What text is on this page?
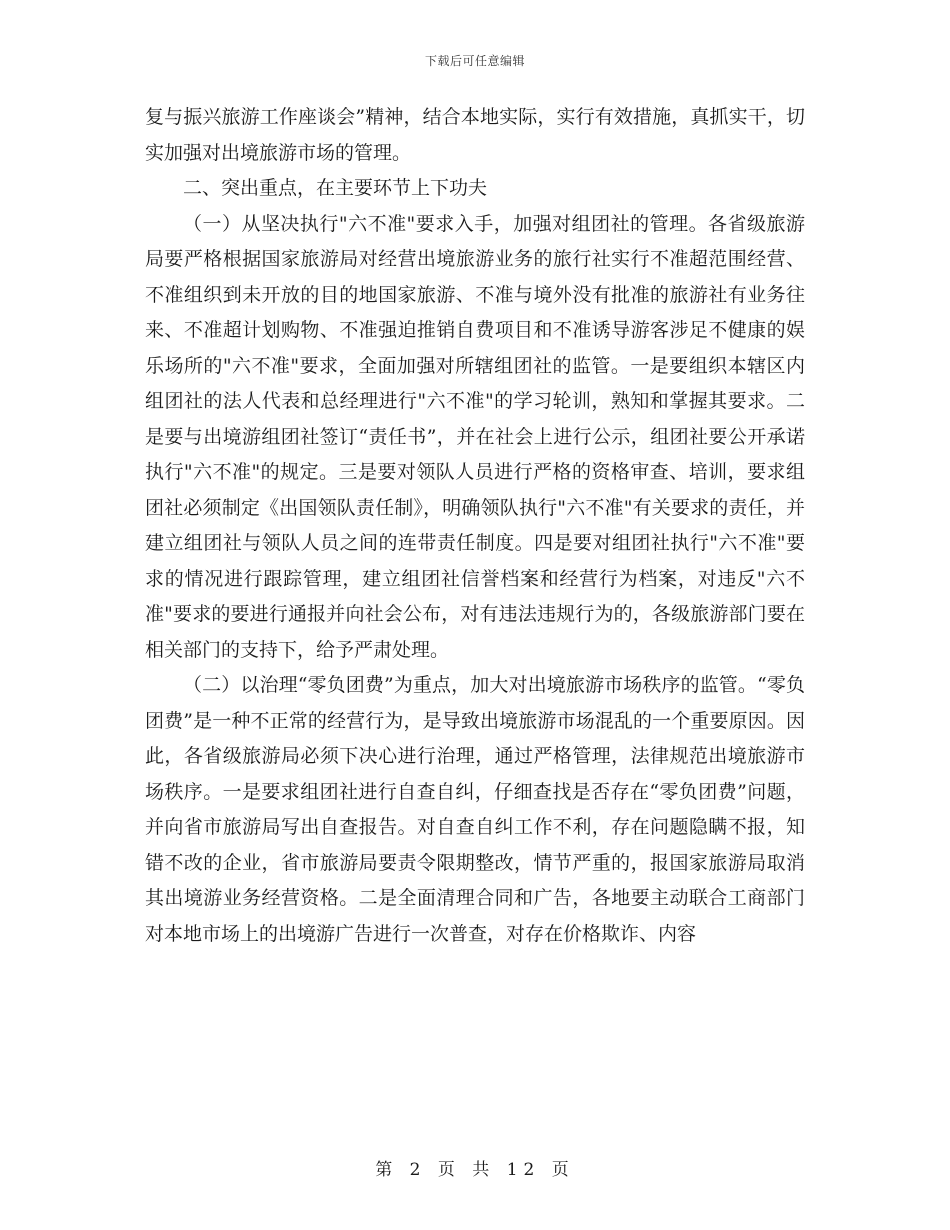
下载后可任意编辑

复与振兴旅游工作座谈会”精神，结合本地实际，实行有效措施，真抓实干，切实加强对出境旅游市场的管理。

二、突出重点，在主要环节上下功夫

（一）从坚决执行"六不准"要求入手，加强对组团社的管理。各省级旅游局要严格根据国家旅游局对经营出境旅游业务的旅行社实行不准超范围经营、不准组织到未开放的目的地国家旅游、不准与境外没有批准的旅游社有业务往来、不准超计划购物、不准强迫推销自费项目和不准诱导游客涉足不健康的娱乐场所的"六不准"要求，全面加强对所辖组团社的监管。一是要组织本辖区内组团社的法人代表和总经理进行"六不准"的学习轮训，熟知和掌握其要求。二是要与出境游组团社签订“责任书”，并在社会上进行公示，组团社要公开承诺执行"六不准"的规定。三是要对领队人员进行严格的资格审查、培训，要求组团社必须制定《出国领队责任制》，明确领队执行"六不准"有关要求的责任，并建立组团社与领队人员之间的连带责任制度。四是要对组团社执行"六不准"要求的情况进行跟踪管理，建立组团社信誉档案和经营行为档案，对违反"六不准"要求的要进行通报并向社会公布，对有违法违规行为的，各级旅游部门要在相关部门的支持下，给予严肃处理。

（二）以治理“零负团费”为重点，加大对出境旅游市场秩序的监管。“零负团费”是一种不正常的经营行为，是导致出境旅游市场混乱的一个重要原因。因此，各省级旅游局必须下决心进行治理，通过严格管理，法律规范出境旅游市场秩序。一是要求组团社进行自查自纠，仔细查找是否存在“零负团费”问题，并向省市旅游局写出自查报告。对自查自纠工作不利，存在问题隐瞒不报，知错不改的企业，省市旅游局要责令限期整改，情节严重的，报国家旅游局取消其出境游业务经营资格。二是全面清理合同和广告，各地要主动联合工商部门对本地市场上的出境游广告进行一次普查，对存在价格欺诈、内容

第 2 页 共 12 页
